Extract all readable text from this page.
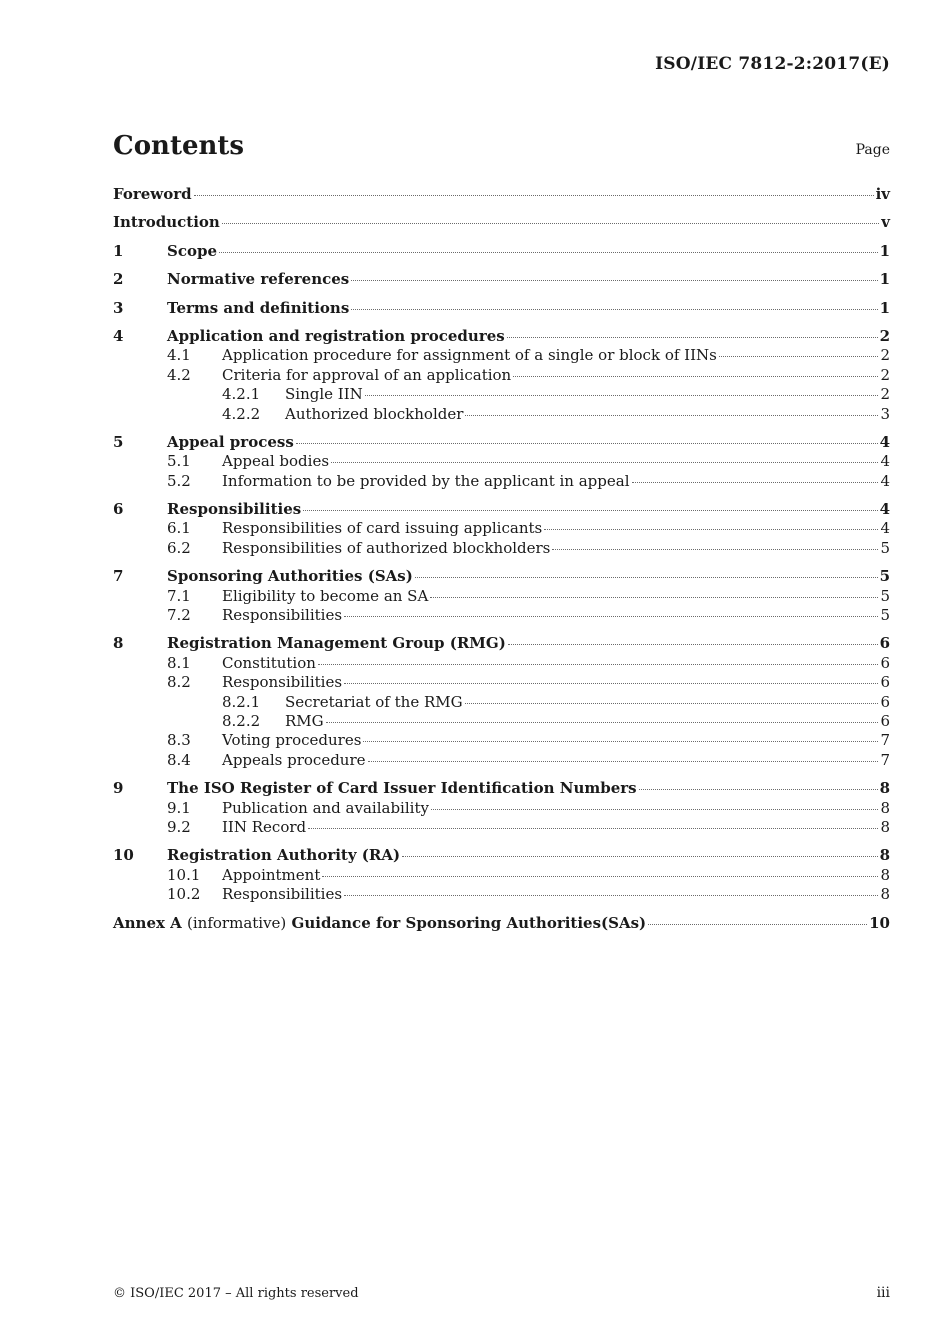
ISO/IEC 7812-2:2017(E)
Contents	Page
Foreword	iv
Introduction	v
1	Scope	1
2	Normative references	1
3	Terms and definitions	1
4	Application and registration procedures	2
4.1	Application procedure for assignment of a single or block of IINs	2
4.2	Criteria for approval of an application	2
4.2.1	Single IIN	2
4.2.2	Authorized blockholder	3
5	Appeal process	4
5.1	Appeal bodies	4
5.2	Information to be provided by the applicant in appeal	4
6	Responsibilities	4
6.1	Responsibilities of card issuing applicants	4
6.2	Responsibilities of authorized blockholders	5
7	Sponsoring Authorities (SAs)	5
7.1	Eligibility to become an SA	5
7.2	Responsibilities	5
8	Registration Management Group (RMG)	6
8.1	Constitution	6
8.2	Responsibilities	6
8.2.1	Secretariat of the RMG	6
8.2.2	RMG	6
8.3	Voting procedures	7
8.4	Appeals procedure	7
9	The ISO Register of Card Issuer Identification Numbers	8
9.1	Publication and availability	8
9.2	IIN Record	8
10	Registration Authority (RA)	8
10.1	Appointment	8
10.2	Responsibilities	8
Annex A (informative) Guidance for Sponsoring Authorities(SAs)	10
© ISO/IEC 2017 – All rights reserved	iii
